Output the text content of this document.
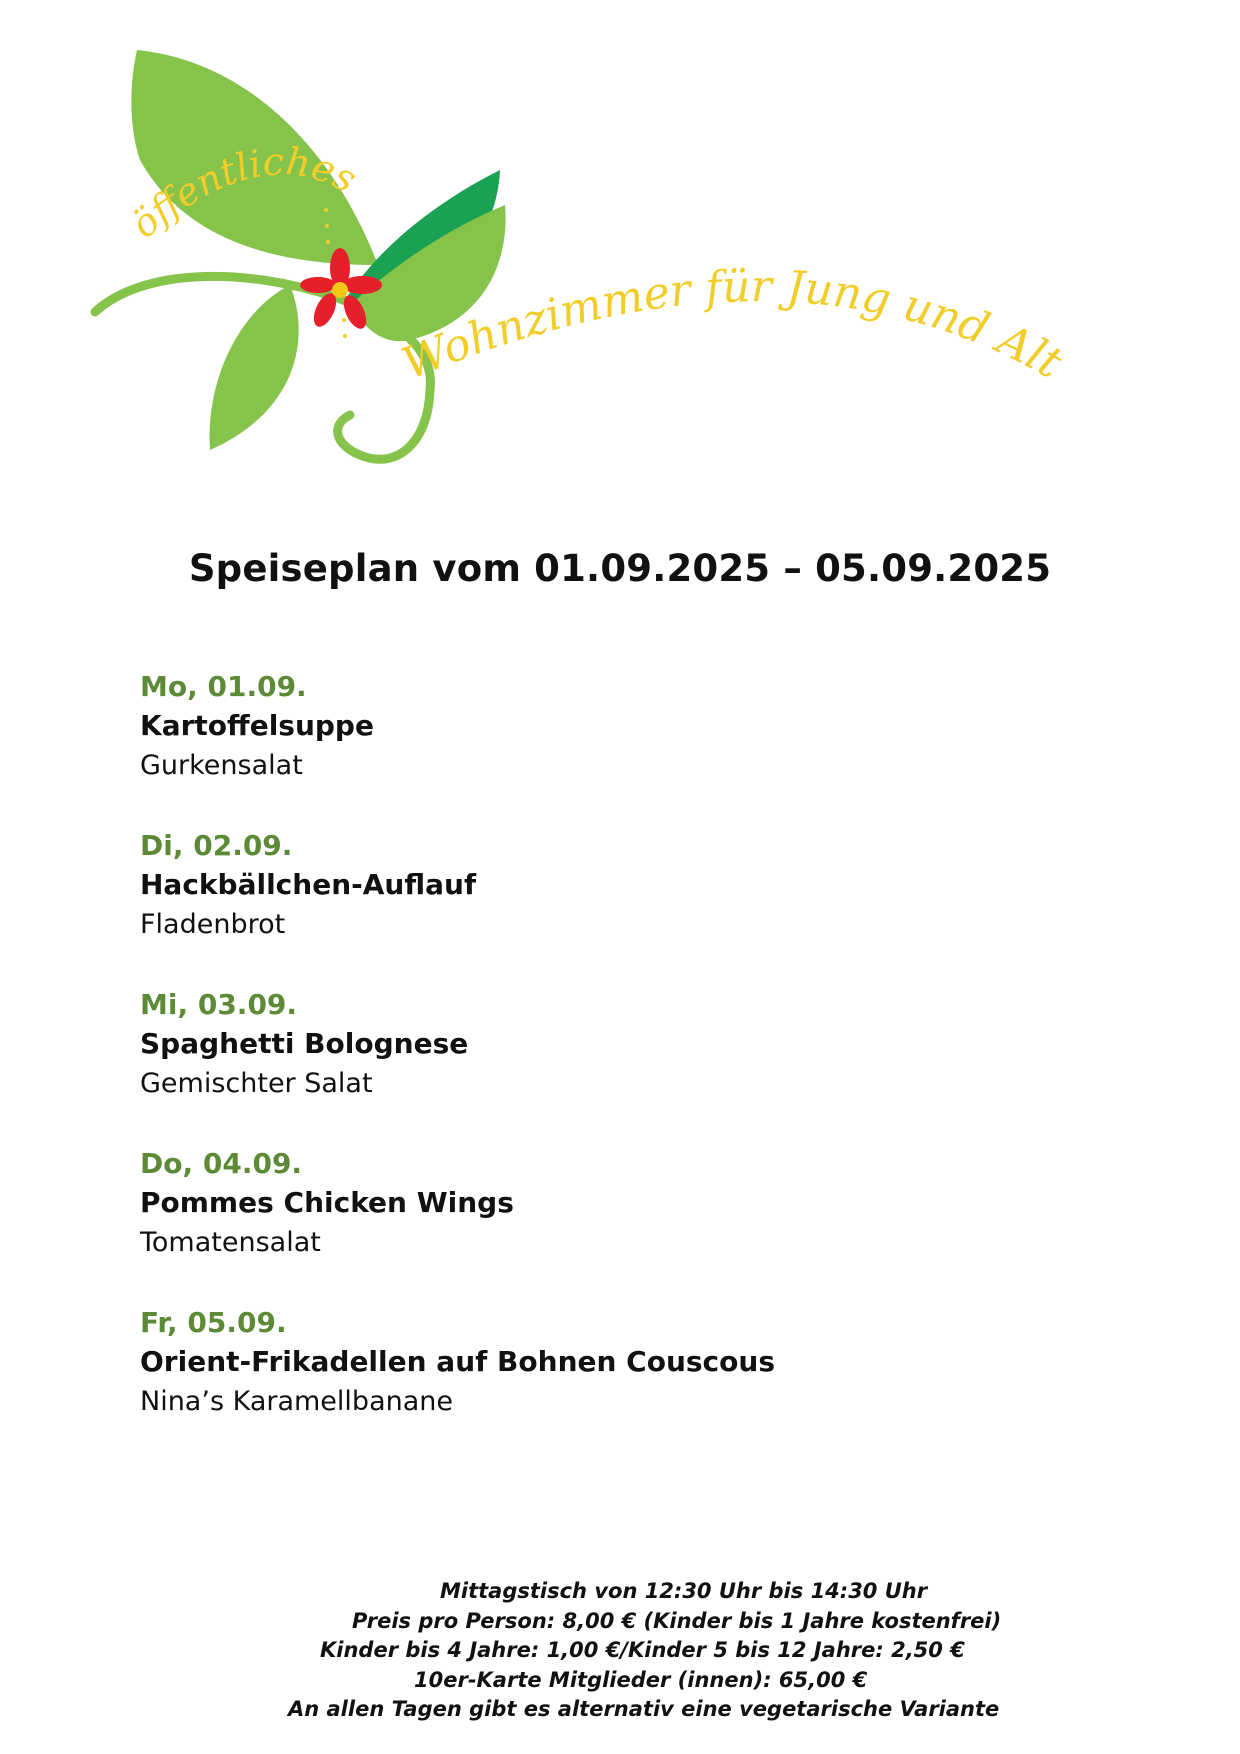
öffentliches
Wohnzimmer für Jung und Alt
Speiseplan vom 01.09.2025 – 05.09.2025
Mo, 01.09.
Kartoffelsuppe
Gurkensalat
Di, 02.09.
Hackbällchen-Auflauf
Fladenbrot
Mi, 03.09.
Spaghetti Bolognese
Gemischter Salat
Do, 04.09.
Pommes Chicken Wings
Tomatensalat
Fr, 05.09.
Orient-Frikadellen auf Bohnen Couscous
Nina’s Karamellbanane
Mittagstisch von 12:30 Uhr bis 14:30 Uhr
Preis pro Person: 8,00 € (Kinder bis 1 Jahre kostenfrei)
Kinder bis 4 Jahre: 1,00 €/Kinder 5 bis 12 Jahre: 2,50 €
10er-Karte Mitglieder (innen): 65,00 €
An allen Tagen gibt es alternativ eine vegetarische Variante
